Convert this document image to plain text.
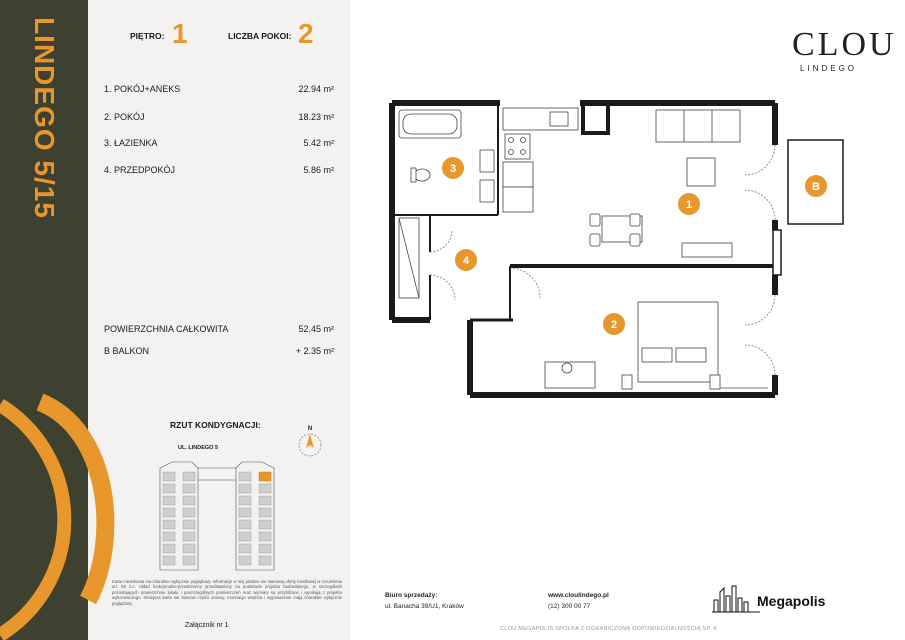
LINDEGO 5/15	PIĘTRO: 1	LICZBA POKOI: 2
1. POKÓJ+ANEKS	22.94 m²
2. POKÓJ	18.23 m²
3. ŁAZIENKA	5.42 m²
4. PRZEDPOKÓJ	5.86 m²
POWIERZCHNIA CAŁKOWITA	52.45 m²
B BALKON	+ 2.35 m²
RZUT KONDYGNACJI:
UL. LINDEGO 5
N
Karta mieszkania ma charakter wyłącznie poglądowy. Informacje w niej podane nie stanowią oferty handlowej w rozumieniu art. 66 k.c. Układ funkcjonalno-przestrzenny przedstawiony na podstawie projektu budowlanego, w szczegółach pozostających powierzchnie lokalu i poszczególnych pomieszczeń oraz wymiary są przybliżone i wynikają z projektu wykonawczego. Niniejsza karta nie stanowi części umowy. Aranżacja wnętrza i wyposażenie mają charakter wyłącznie poglądowy.
Załącznik nr 1
CLOU
LINDEGO
1
2
3
4
B
Biuro sprzedaży:
ul. Banacha 39/U1, Kraków
www.cloulindego.pl
(12) 300 00 77
CLOU MEGAPOLIS SPÓŁKA Z OGRANICZONĄ ODPOWIEDZIALNOŚCIĄ SP. K.
Megapolis
